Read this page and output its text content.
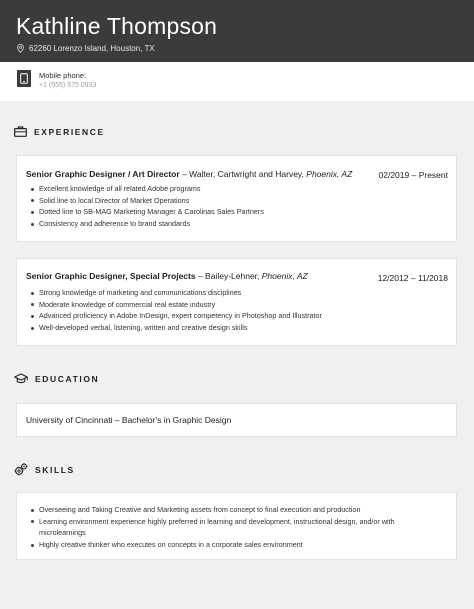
Kathline Thompson
62260 Lorenzo Island, Houston, TX
Mobile phone:
+1 (555) 575 0933
EXPERIENCE
Senior Graphic Designer / Art Director – Walter, Cartwright and Harvey, Phoenix, AZ	02/2019 – Present
Excellent knowledge of all related Adobe programs
Solid line to local Director of Market Operations
Dotted line to SB-MAG Marketing Manager & Carolinas Sales Partners
Consistency and adherence to brand standards
Senior Graphic Designer, Special Projects – Bailey-Lehner, Phoenix, AZ	12/2012 – 11/2018
Strong knowledge of marketing and communications disciplines
Moderate knowledge of commercial real estate industry
Advanced proficiency in Adobe InDesign, expert competency in Photoshop and Illustrator
Well-developed verbal, listening, written and creative design skills
EDUCATION
University of Cincinnati – Bachelor's in Graphic Design
SKILLS
Overseeing and Taking Creative and Marketing assets from concept to final execution and production
Learning environment experience highly preferred in learning and development, instructional design, and/or with
microlearnings
Highly creative thinker who executes on concepts in a corporate sales environment
